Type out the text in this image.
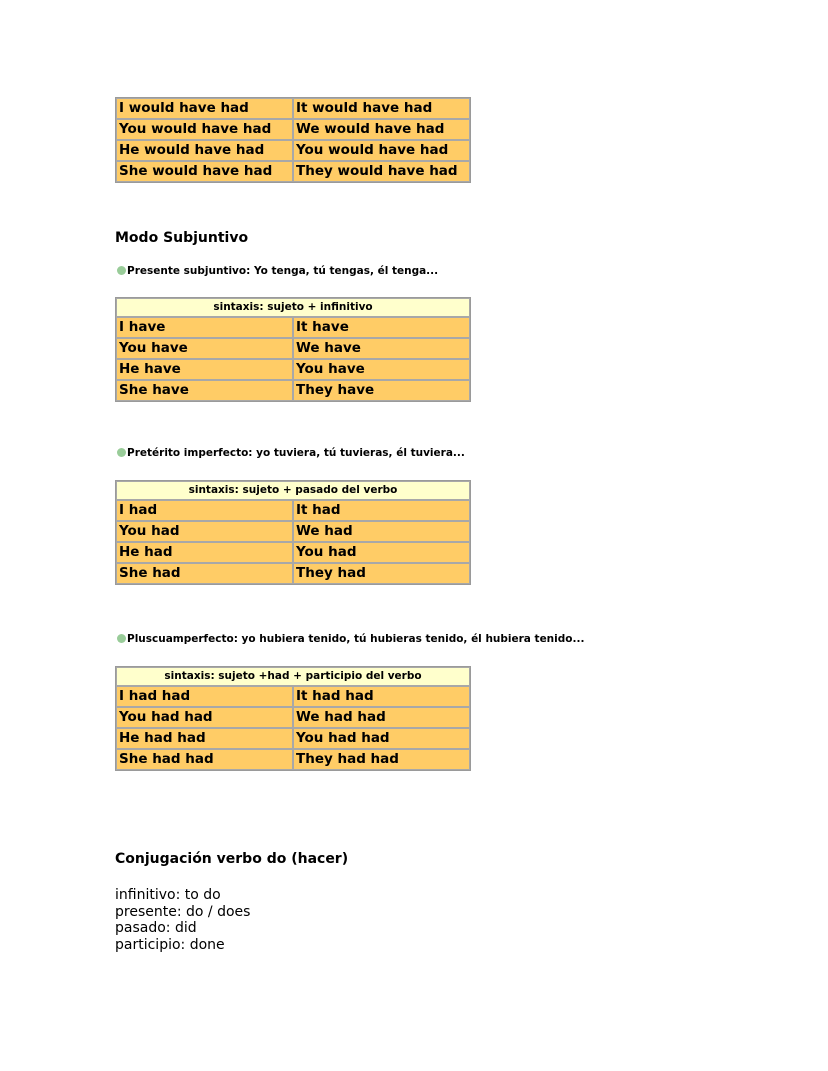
I would have had	It would have had
You would have had	We would have had
He would have had	You would have had
She would have had	They would have had
Modo Subjuntivo
Presente subjuntivo: Yo tenga, tú tengas, él tenga...
sintaxis: sujeto + infinitivo	
I have	It have
You have	We have
He have	You have
She have	They have
Pretérito imperfecto: yo tuviera, tú tuvieras, él tuviera...
sintaxis: sujeto + pasado del verbo	
I had	It had
You had	We had
He had	You had
She had	They had
Pluscuamperfecto: yo hubiera tenido, tú hubieras tenido, él hubiera tenido...
sintaxis: sujeto +had + participio del verbo	
I had had	It had had
You had had	We had had
He had had	You had had
She had had	They had had
Conjugación verbo do (hacer)
infinitivo: to do
presente: do / does
pasado: did
participio: done
